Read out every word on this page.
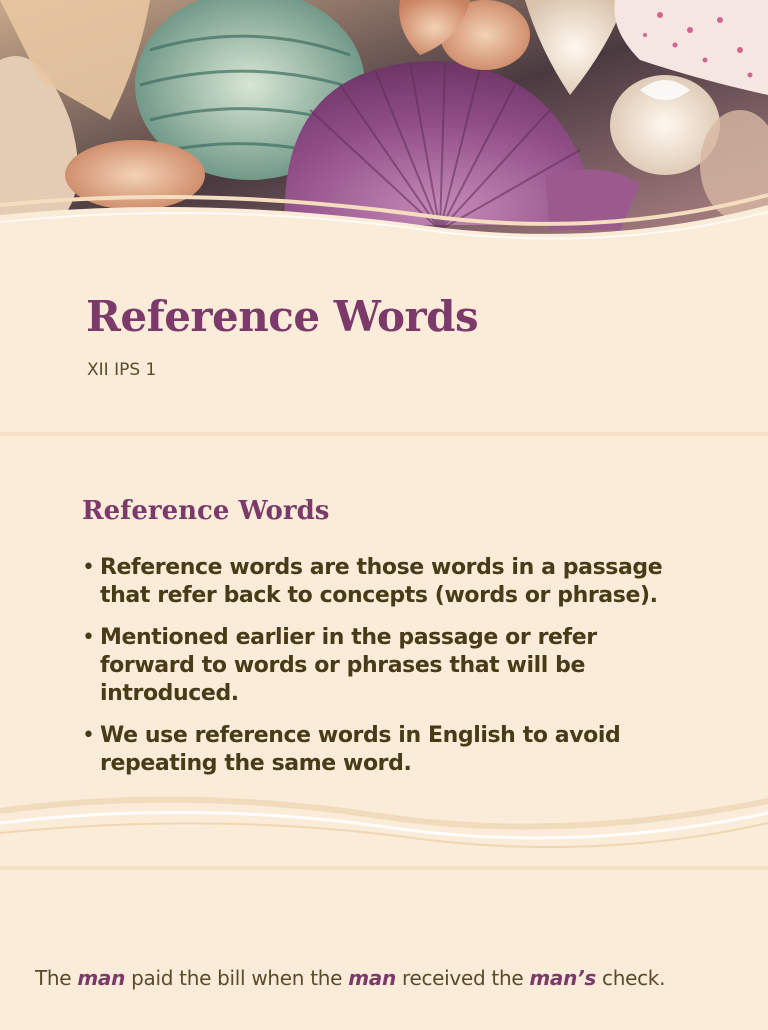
Reference Words

XII IPS 1

Reference Words
• Reference words are those words in a passage that refer back to concepts (words or phrase).
• Mentioned earlier in the passage or refer forward to words or phrases that will be introduced.
• We use reference words in English to avoid repeating the same word.

The man paid the bill when the man received the man’s check.
